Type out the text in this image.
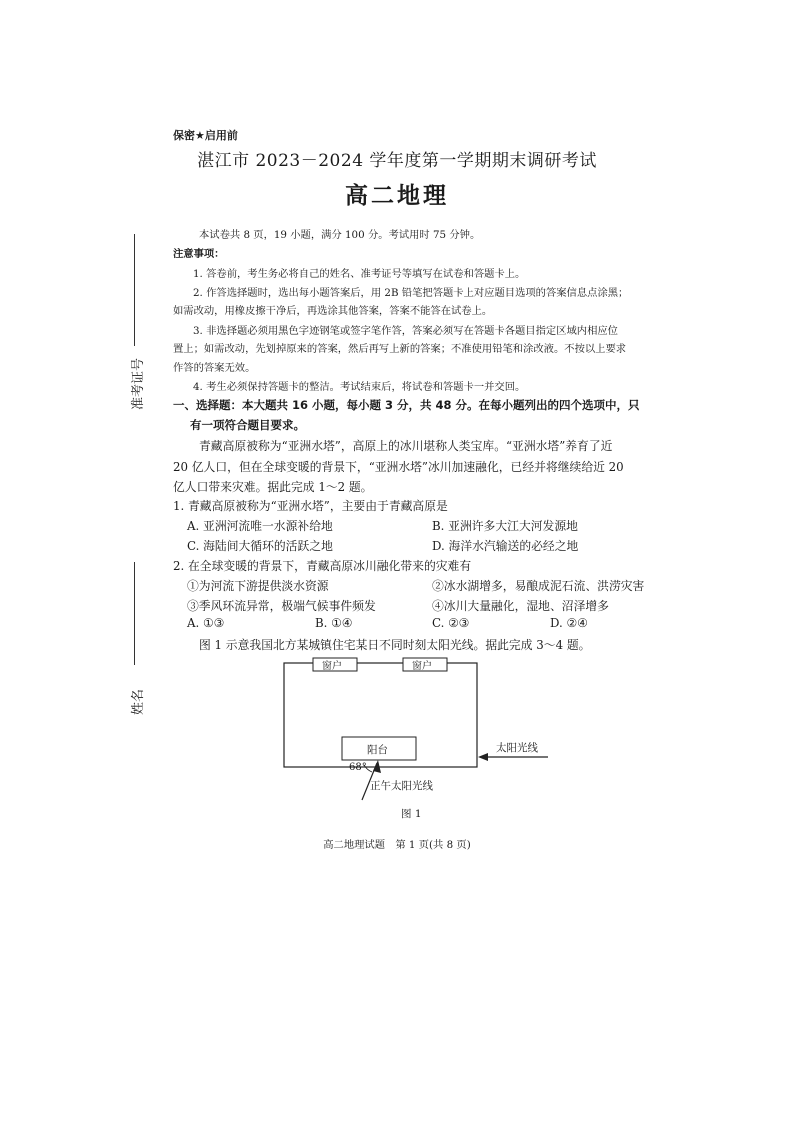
保密★启用前
湛江市 2023－2024 学年度第一学期期末调研考试
高二地理
准考证号
姓名
本试卷共 8 页，19 小题，满分 100 分。考试用时 75 分钟。
注意事项：
1. 答卷前，考生务必将自己的姓名、准考证号等填写在试卷和答题卡上。
2. 作答选择题时，选出每小题答案后，用 2B 铅笔把答题卡上对应题目选项的答案信息点涂黑；
如需改动，用橡皮擦干净后，再选涂其他答案，答案不能答在试卷上。
3. 非选择题必须用黑色字迹钢笔或签字笔作答，答案必须写在答题卡各题目指定区域内相应位
置上；如需改动，先划掉原来的答案，然后再写上新的答案；不准使用铅笔和涂改液。不按以上要求
作答的答案无效。
4. 考生必须保持答题卡的整洁。考试结束后，将试卷和答题卡一并交回。
一、选择题：本大题共 16 小题，每小题 3 分，共 48 分。在每小题列出的四个选项中，只
有一项符合题目要求。
青藏高原被称为“亚洲水塔”，高原上的冰川堪称人类宝库。“亚洲水塔”养育了近
20 亿人口，但在全球变暖的背景下，“亚洲水塔”冰川加速融化，已经并将继续给近 20
亿人口带来灾难。据此完成 1～2 题。
1. 青藏高原被称为“亚洲水塔”，主要由于青藏高原是
A. 亚洲河流唯一水源补给地	B. 亚洲许多大江大河发源地
C. 海陆间大循环的活跃之地	D. 海洋水汽输送的必经之地
2. 在全球变暖的背景下，青藏高原冰川融化带来的灾难有
①为河流下游提供淡水资源	②冰水湖增多，易酿成泥石流、洪涝灾害
③季风环流异常，极端气候事件频发	④冰川大量融化，湿地、沼泽增多
A. ①③	B. ①④	C. ②③	D. ②④
图 1 示意我国北方某城镇住宅某日不同时刻太阳光线。据此完成 3～4 题。
窗户	窗户
阳台	太阳光线
正午太阳光线
68°
图 1
高二地理试题　第 1 页(共 8 页)
